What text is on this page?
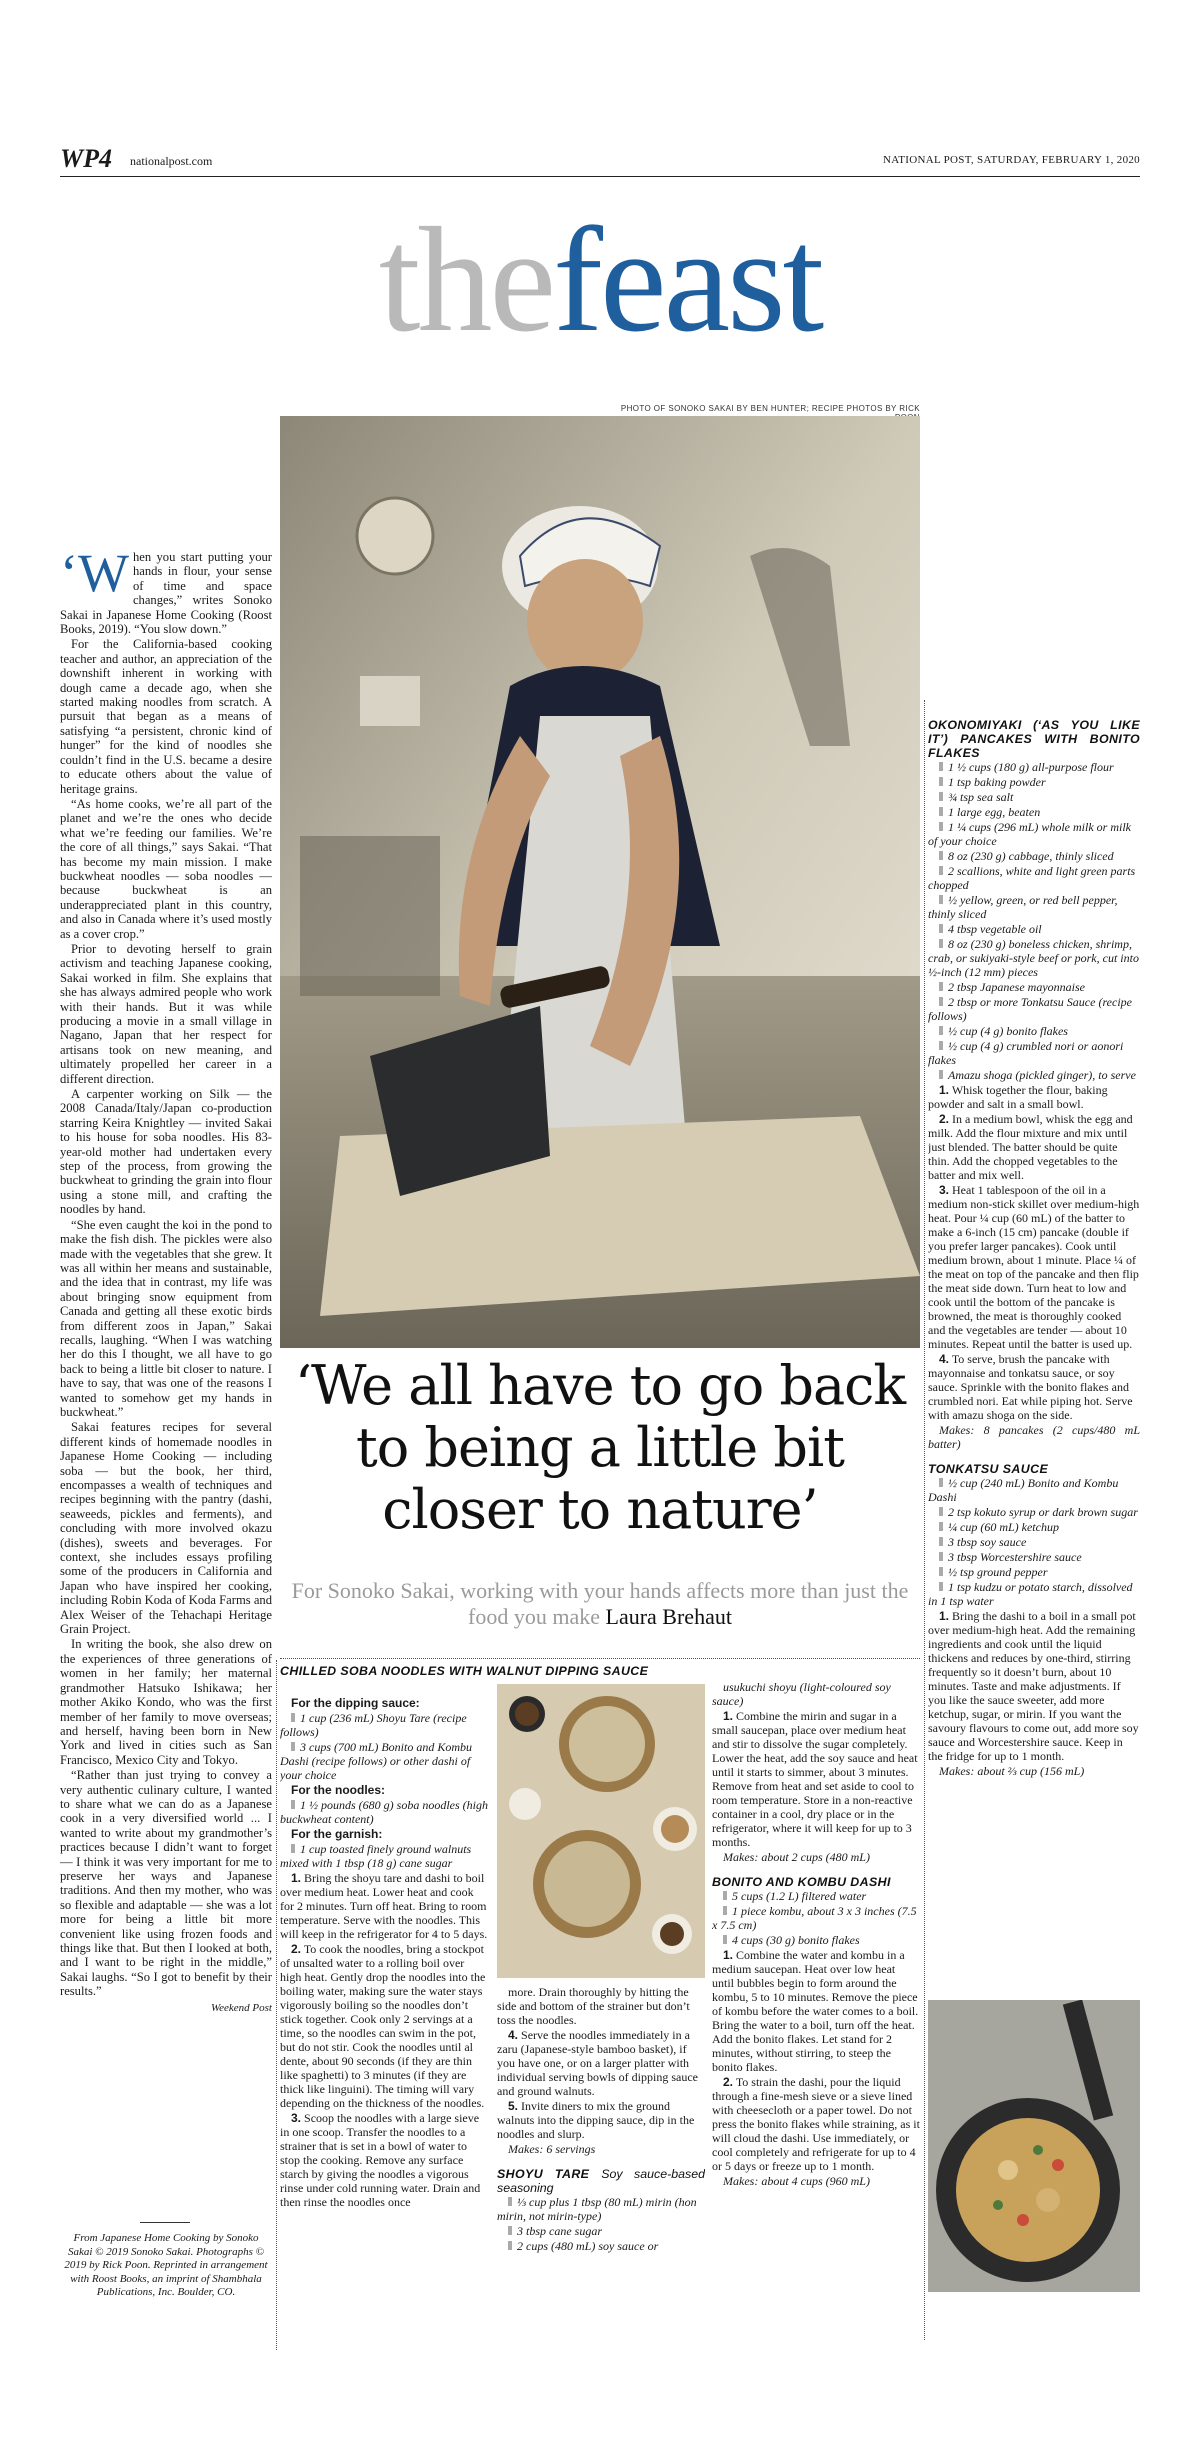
WP4 nationalpost.com	NATIONAL POST, SATURDAY, FEBRUARY 1, 2020
thefeast
PHOTO OF SONOKO SAKAI BY BEN HUNTER; RECIPE PHOTOS BY RICK

‘When you start putting your hands in flour, your sense of time and space changes,” writes Sonoko Sakai in Japanese Home Cooking (Roost Books, 2019). “You slow down.”

For the California-based cooking teacher and author, an appreciation of the downshift inherent in working with dough came a decade ago, when she started making noodles from scratch. A pursuit that began as a means of satisfying “a persistent, chronic kind of hunger” for the kind of noodles she couldn’t find in the U.S. became a desire to educate others about the value of heritage grains.

“As home cooks, we’re all part of the planet and we’re the ones who decide what we’re feeding our families. We’re the core of all things,” says Sakai. “That has become my main mission. I make buckwheat noodles — soba noodles — because buckwheat is an underappreciated plant in this country, and also in Canada where it’s used mostly as a cover crop.”

Prior to devoting herself to grain activism and teaching Japanese cooking, Sakai worked in film. She explains that she has always admired people who work with their hands. But it was while producing a movie in a small village in Nagano, Japan that her respect for artisans took on new meaning, and ultimately propelled her career in a different direction.

A carpenter working on Silk — the 2008 Canada/Italy/Japan co-production starring Keira Knightley — invited Sakai to his house for soba noodles. His 83-year-old mother had undertaken every step of the process, from growing the buckwheat to grinding the grain into flour using a stone mill, and crafting the noodles by hand.

“She even caught the koi in the pond to make the fish dish. The pickles were also made with the vegetables that she grew. It was all within her means and sustainable, and the idea that in contrast, my life was about bringing snow equipment from Canada and getting all these exotic birds from different zoos in Japan,” Sakai recalls, laughing. “When I was watching her do this I thought, we all have to go back to being a little bit closer to nature. I have to say, that was one of the reasons I wanted to somehow get my hands in buckwheat.”

Sakai features recipes for several different kinds of homemade noodles in Japanese Home Cooking — including soba — but the book, her third, encompasses a wealth of techniques and recipes beginning with the pantry (dashi, seaweeds, pickles and ferments), and concluding with more involved okazu (dishes), sweets and beverages. For context, she includes essays profiling some of the producers in California and Japan who have inspired her cooking, including Robin Koda of Koda Farms and Alex Weiser of the Tehachapi Heritage Grain Project.

In writing the book, she also drew on the experiences of three generations of women in her family; her maternal grandmother Hatsuko Ishikawa; her mother Akiko Kondo, who was the first member of her family to move overseas; and herself, having been born in New York and lived in cities such as San Francisco, Mexico City and Tokyo.

“Rather than just trying to convey a very authentic culinary culture, I wanted to share what we can do as a Japanese cook in a very diversified world ... I wanted to write about my grandmother’s practices because I didn’t want to forget — I think it was very important for me to preserve her ways and Japanese traditions. And then my mother, who was so flexible and adaptable — she was a lot more for being a little bit more convenient like using frozen foods and things like that. But then I looked at both, and I want to be right in the middle,” Sakai laughs. “So I got to benefit by their results.”

Weekend Post
From Japanese Home Cooking by Sonoko Sakai © 2019 Sonoko Sakai. Photographs © 2019 by Rick Poon. Reprinted in arrangement with Roost Books, an imprint of Shambhala Publications, Inc. Boulder, CO.
‘We all have to go back to being a little bit closer to nature’
For Sonoko Sakai, working with your hands affects more than just the food you make Laura Brehaut
OKONOMIYAKI (‘AS YOU LIKE IT’) PANCAKES WITH BONITO FLAKES

1 ½ cups (180 g) all-purpose flour

1 tsp baking powder

¾ tsp sea salt

1 large egg, beaten

1 ¼ cups (296 mL) whole milk or milk of your choice

8 oz (230 g) cabbage, thinly sliced

2 scallions, white and light green parts chopped

½ yellow, green, or red bell pepper, thinly sliced

4 tbsp vegetable oil

8 oz (230 g) boneless chicken, shrimp, crab, or sukiyaki-style beef or pork, cut into ½-inch (12 mm) pieces

2 tbsp Japanese mayonnaise

2 tbsp or more Tonkatsu Sauce (recipe follows)

½ cup (4 g) bonito flakes

½ cup (4 g) crumbled nori or aonori flakes

Amazu shoga (pickled ginger), to serve

1. Whisk together the flour, baking powder and salt in a small bowl.

2. In a medium bowl, whisk the egg and milk. Add the flour mixture and mix until just blended. The batter should be quite thin. Add the chopped vegetables to the batter and mix well.

3. Heat 1 tablespoon of the oil in a medium non-stick skillet over medium-high heat. Pour ¼ cup (60 mL) of the batter to make a 6-inch (15 cm) pancake (double if you prefer larger pancakes). Cook until medium brown, about 1 minute. Place ¼ of the meat on top of the pancake and then flip the meat side down. Turn heat to low and cook until the bottom of the pancake is browned, the meat is thoroughly cooked and the vegetables are tender — about 10 minutes. Repeat until the batter is used up.

4. To serve, brush the pancake with mayonnaise and tonkatsu sauce, or soy sauce. Sprinkle with the bonito flakes and crumbled nori. Eat while piping hot. Serve with amazu shoga on the side.

Makes: 8 pancakes (2 cups/480 mL batter)

TONKATSU SAUCE

½ cup (240 mL) Bonito and Kombu Dashi

2 tsp kokuto syrup or dark brown sugar

¼ cup (60 mL) ketchup

3 tbsp soy sauce

3 tbsp Worcestershire sauce

½ tsp ground pepper

1 tsp kudzu or potato starch, dissolved in 1 tsp water

1. Bring the dashi to a boil in a small pot over medium-high heat. Add the remaining ingredients and cook until the liquid thickens and reduces by one-third, stirring frequently so it doesn’t burn, about 10 minutes. Taste and make adjustments. If you like the sauce sweeter, add more ketchup, sugar, or mirin. If you want the savoury flavours to come out, add more soy sauce and Worcestershire sauce. Keep in the fridge for up to 1 month.

Makes: about ⅔ cup (156 mL)

CHILLED SOBA NOODLES WITH WALNUT DIPPING SAUCE

For the dipping sauce:

1 cup (236 mL) Shoyu Tare (recipe follows)

3 cups (700 mL) Bonito and Kombu Dashi (recipe follows) or other dashi of your choice

For the noodles:

1 ½ pounds (680 g) soba noodles (high buckwheat content)

For the garnish:

1 cup toasted finely ground walnuts mixed with 1 tbsp (18 g) cane sugar

1. Bring the shoyu tare and dashi to boil over medium heat. Lower heat and cook for 2 minutes. Turn off heat. Bring to room temperature. Serve with the noodles. This will keep in the refrigerator for 4 to 5 days.

2. To cook the noodles, bring a stockpot of unsalted water to a rolling boil over high heat. Gently drop the noodles into the boiling water, making sure the water stays vigorously boiling so the noodles don’t stick together. Cook only 2 servings at a time, so the noodles can swim in the pot, but do not stir. Cook the noodles until al dente, about 90 seconds (if they are thin like spaghetti) to 3 minutes (if they are thick like linguini). The timing will vary depending on the thickness of the noodles.

3. Scoop the noodles with a large sieve in one scoop. Transfer the noodles to a strainer that is set in a bowl of water to stop the cooking. Remove any surface starch by giving the noodles a vigorous rinse under cold running water. Drain and then rinse the noodles once

more. Drain thoroughly by hitting the side and bottom of the strainer but don’t toss the noodles.

4. Serve the noodles immediately in a zaru (Japanese-style bamboo basket), if you have one, or on a larger platter with individual serving bowls of dipping sauce and ground walnuts.

5. Invite diners to mix the ground walnuts into the dipping sauce, dip in the noodles and slurp.

Makes: 6 servings

SHOYU TARE Soy sauce-based seasoning

⅓ cup plus 1 tbsp (80 mL) mirin (hon mirin, not mirin-type)

3 tbsp cane sugar

2 cups (480 mL) soy sauce or

usukuchi shoyu (light-coloured soy sauce)

1. Combine the mirin and sugar in a small saucepan, place over medium heat and stir to dissolve the sugar completely. Lower the heat, add the soy sauce and heat until it starts to simmer, about 3 minutes. Remove from heat and set aside to cool to room temperature. Store in a non-reactive container in a cool, dry place or in the refrigerator, where it will keep for up to 3 months.

Makes: about 2 cups (480 mL)

BONITO AND KOMBU DASHI

5 cups (1.2 L) filtered water

1 piece kombu, about 3 x 3 inches (7.5 x 7.5 cm)

4 cups (30 g) bonito flakes

1. Combine the water and kombu in a medium saucepan. Heat over low heat until bubbles begin to form around the kombu, 5 to 10 minutes. Remove the piece of kombu before the water comes to a boil. Bring the water to a boil, turn off the heat. Add the bonito flakes. Let stand for 2 minutes, without stirring, to steep the bonito flakes.

2. To strain the dashi, pour the liquid through a fine-mesh sieve or a sieve lined with cheesecloth or a paper towel. Do not press the bonito flakes while straining, as it will cloud the dashi. Use immediately, or cool completely and refrigerate for up to 4 or 5 days or freeze up to 1 month.

Makes: about 4 cups (960 mL)
